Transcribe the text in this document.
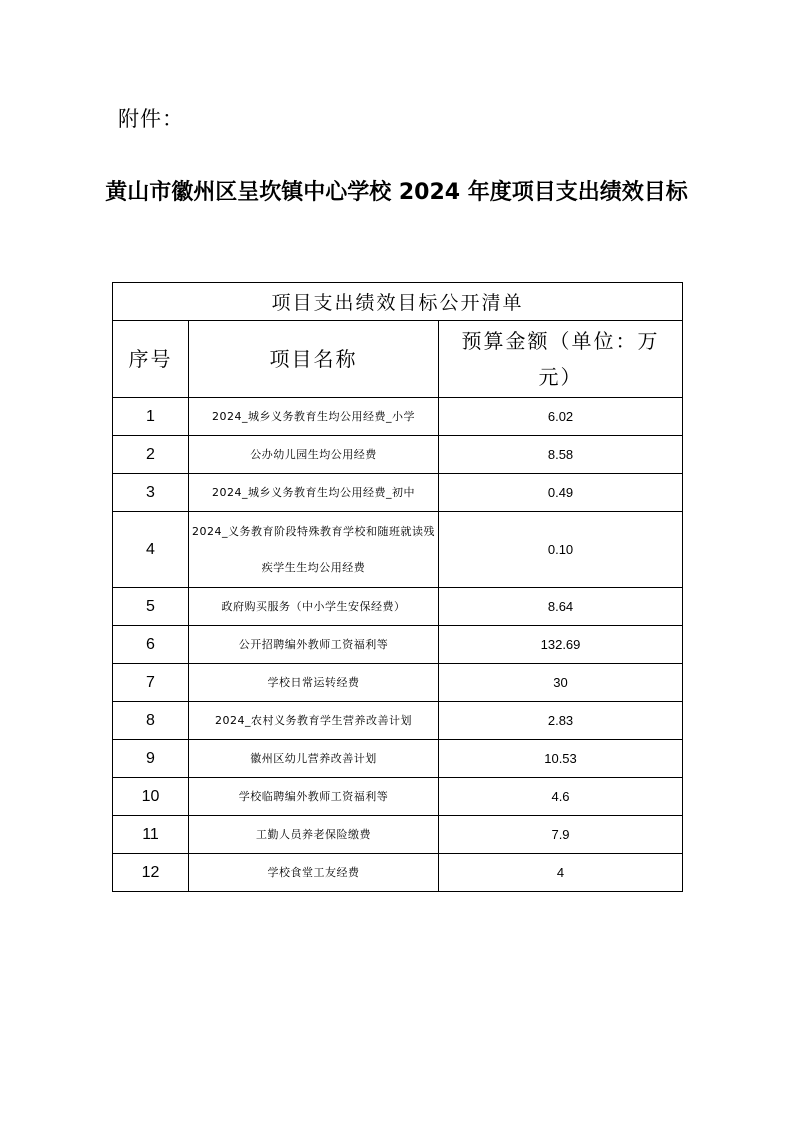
附件：
黄山市徽州区呈坎镇中心学校 2024 年度项目支出绩效目标
项目支出绩效目标公开清单		
序号	项目名称	预算金额（单位：万元）
1	2024_城乡义务教育生均公用经费_小学	6.02
2	公办幼儿园生均公用经费	8.58
3	2024_城乡义务教育生均公用经费_初中	0.49
4	2024_义务教育阶段特殊教育学校和随班就读残疾学生生均公用经费	0.10
5	政府购买服务（中小学生安保经费）	8.64
6	公开招聘编外教师工资福利等	132.69
7	学校日常运转经费	30
8	2024_农村义务教育学生营养改善计划	2.83
9	徽州区幼儿营养改善计划	10.53
10	学校临聘编外教师工资福利等	4.6
11	工勤人员养老保险缴费	7.9
12	学校食堂工友经费	4
